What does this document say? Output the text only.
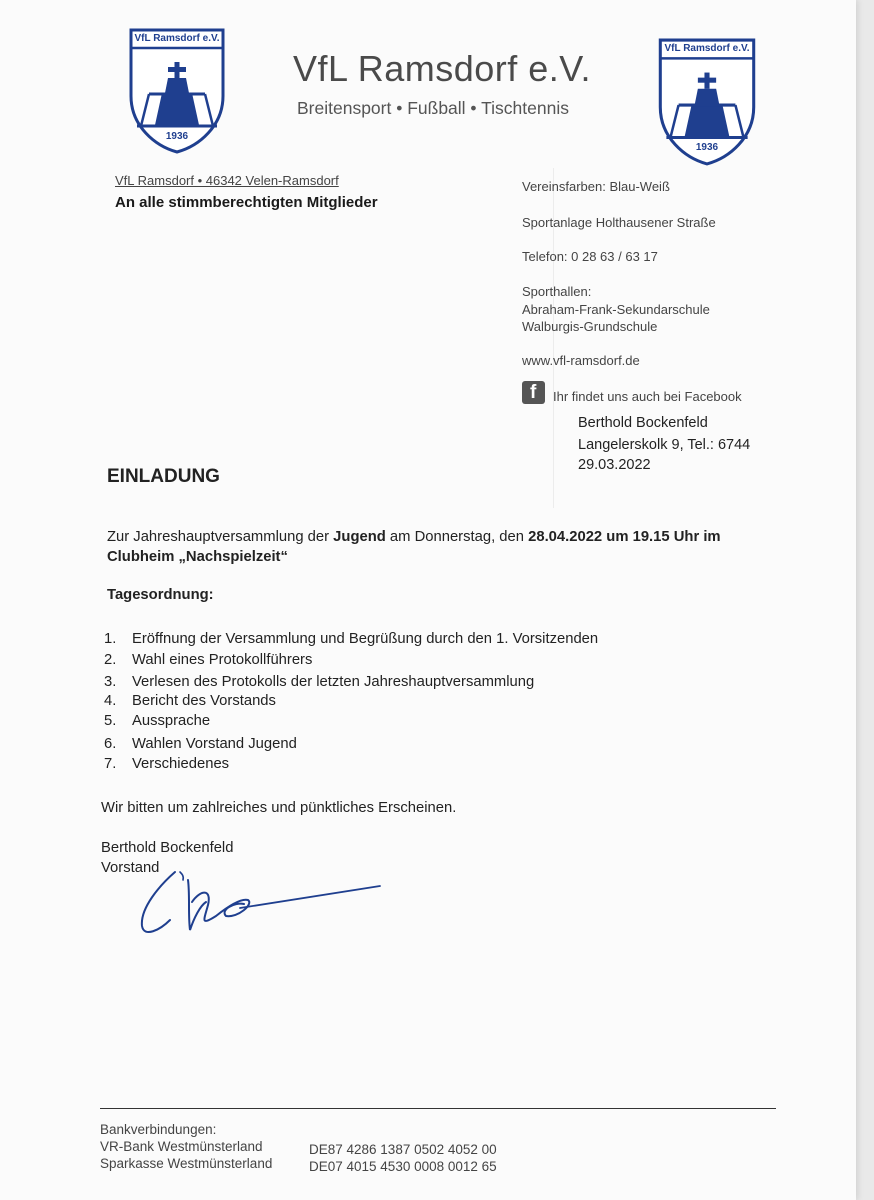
VfL Ramsdorf e.V.
1936
VfL Ramsdorf e.V.
1936
VfL Ramsdorf e.V.
Breitensport • Fußball • Tischtennis
VfL Ramsdorf • 46342 Velen-Ramsdorf
An alle stimmberechtigten Mitglieder
Vereinsfarben: Blau-Weiß
Sportanlage Holthausener Straße
Telefon: 0 28 63 / 63 17
Sporthallen:
Abraham-Frank-Sekundarschule
Walburgis-Grundschule
www.vfl-ramsdorf.de
f Ihr findet uns auch bei Facebook
Berthold Bockenfeld
Langelerskolk 9, Tel.: 6744
29.03.2022
EINLADUNG
Zur Jahreshauptversammlung der Jugend am Donnerstag, den 28.04.2022 um 19.15 Uhr im
Clubheim „Nachspielzeit“
Tagesordnung:
1. Eröffnung der Versammlung und Begrüßung durch den 1. Vorsitzenden
2. Wahl eines Protokollführers
3. Verlesen des Protokolls der letzten Jahreshauptversammlung
4. Bericht des Vorstands
5. Aussprache
6. Wahlen Vorstand Jugend
7. Verschiedenes
Wir bitten um zahlreiches und pünktliches Erscheinen.
Berthold Bockenfeld
Vorstand
Bankverbindungen:
VR-Bank Westmünsterland	DE87 4286 1387 0502 4052 00
Sparkasse Westmünsterland	DE07 4015 4530 0008 0012 65
